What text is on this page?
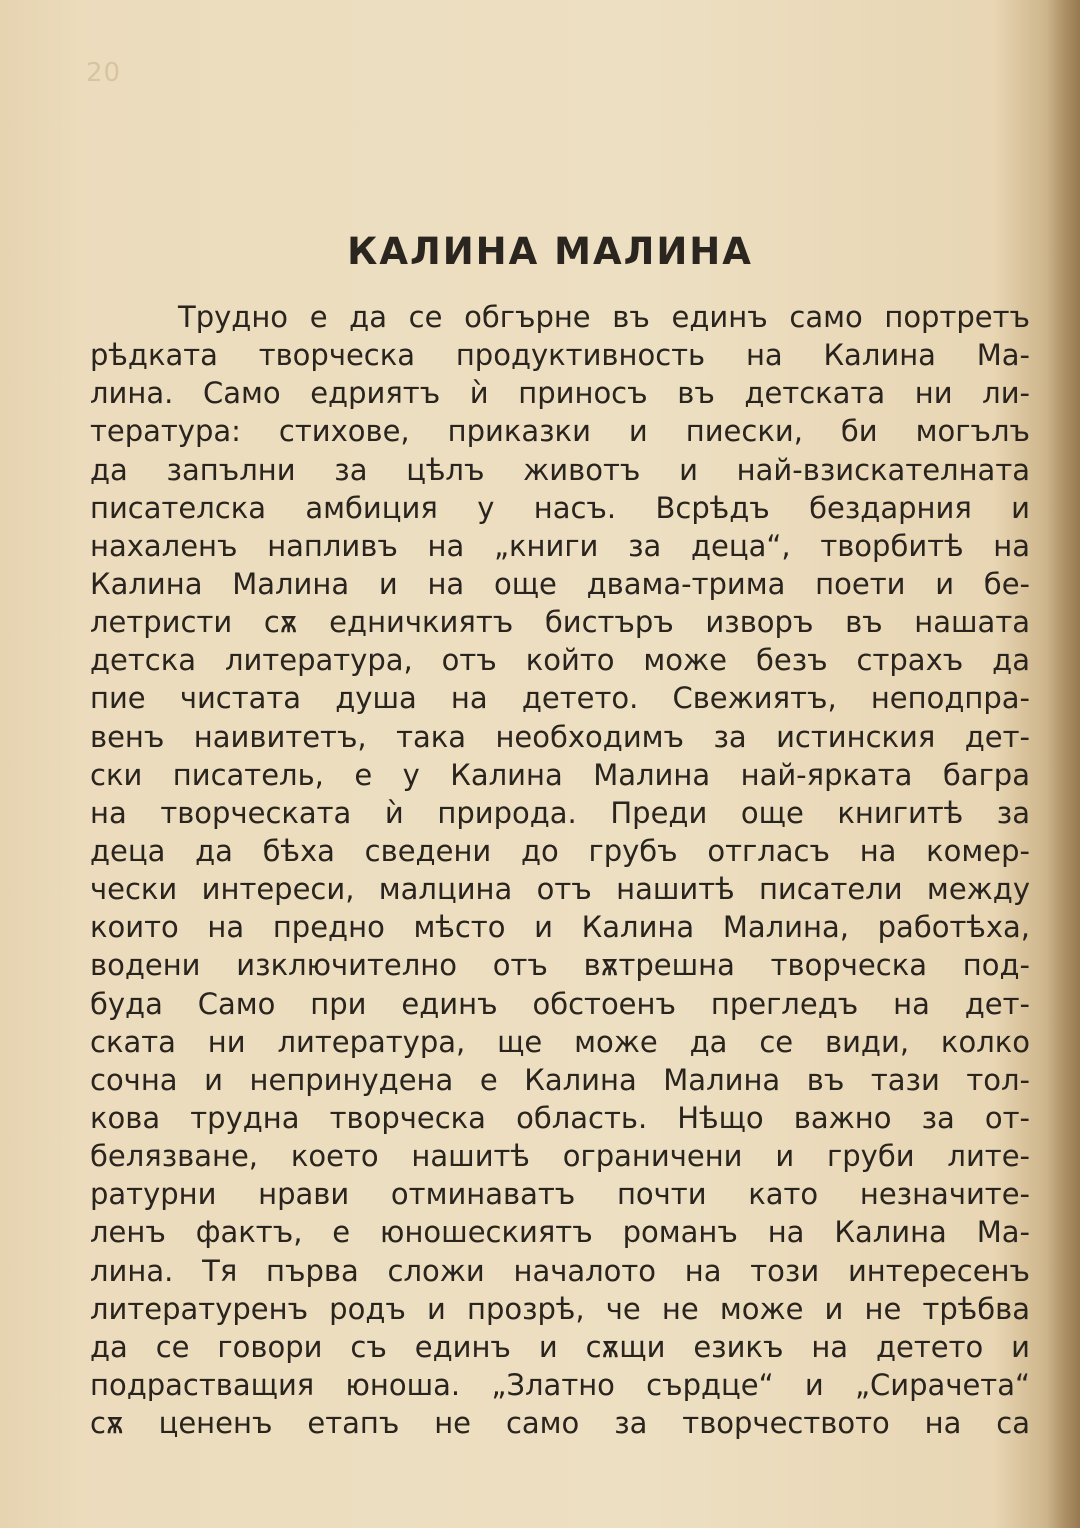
20
КАЛИНА МАЛИНА
Трудно е да се обгърне въ единъ само портретъ
рѣдката творческа продуктивность на Калина Ма-
лина. Само едриятъ ѝ приносъ въ детската ни ли-
тература: стихове, приказки и пиески, би могълъ
да запълни за цѣлъ животъ и най-взискателната
писателска амбиция у насъ. Всрѣдъ бездарния и
нахаленъ напливъ на „книги за деца“, творбитѣ на
Калина Малина и на още двама-трима поети и бе-
летристи сѫ едничкиятъ бистъръ изворъ въ нашата
детска литература, отъ който може безъ страхъ да
пие чистата душа на детето. Свежиятъ, неподпра-
венъ наивитетъ, така необходимъ за истинския дет-
ски писатель, е у Калина Малина най-ярката багра
на творческата ѝ природа. Преди още книгитѣ за
деца да бѣха сведени до грубъ отгласъ на комер-
чески интереси, малцина отъ нашитѣ писатели между
които на предно мѣсто и Калина Малина, работѣха,
водени изключително отъ вѫтрешна творческа под-
буда Само при единъ обстоенъ прегледъ на дет-
ската ни литература, ще може да се види, колко
сочна и непринудена е Калина Малина въ тази тол-
кова трудна творческа область. Нѣщо важно за от-
белязване, което нашитѣ ограничени и груби лите-
ратурни нрави отминаватъ почти като незначите-
ленъ фактъ, е юношескиятъ романъ на Калина Ма-
лина. Тя първа сложи началото на този интересенъ
литературенъ родъ и прозрѣ, че не може и не трѣбва
да се говори съ единъ и сѫщи езикъ на детето и
подрастващия юноша. „Златно сърдце“ и „Сирачета“
сѫ цененъ етапъ не само за творчеството на са
